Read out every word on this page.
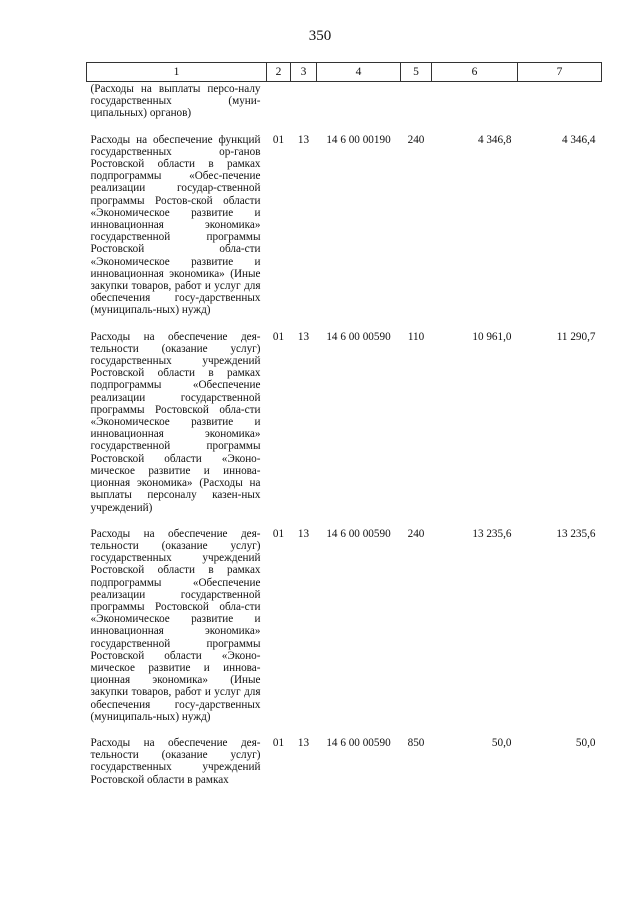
350
1	2	3	4	5	6	7
(Расходы на выплаты персо-налу государственных (муни-ципальных) органов)						
Расходы на обеспечение функций государственных ор-ганов Ростовской области в рамках подпрограммы «Обес-печение реализации государ-ственной программы Ростов-ской области «Экономическое развитие и инновационная экономика» государственной программы Ростовской обла-сти «Экономическое развитие и инновационная экономика» (Иные закупки товаров, работ и услуг для обеспечения госу-дарственных (муниципаль-ных) нужд)	01	13	14 6 00 00190	240	4 346,8	4 346,4
Расходы на обеспечение дея-тельности (оказание услуг) государственных учреждений Ростовской области в рамках подпрограммы «Обеспечение реализации государственной программы Ростовской обла-сти «Экономическое развитие и инновационная экономика» государственной программы Ростовской области «Эконо-мическое развитие и иннова-ционная экономика» (Расходы на выплаты персоналу казен-ных учреждений)	01	13	14 6 00 00590	110	10 961,0	11 290,7
Расходы на обеспечение дея-тельности (оказание услуг) государственных учреждений Ростовской области в рамках подпрограммы «Обеспечение реализации государственной программы Ростовской обла-сти «Экономическое развитие и инновационная экономика» государственной программы Ростовской области «Эконо-мическое развитие и иннова-ционная экономика» (Иные закупки товаров, работ и услуг для обеспечения госу-дарственных (муниципаль-ных) нужд)	01	13	14 6 00 00590	240	13 235,6	13 235,6
Расходы на обеспечение дея-тельности (оказание услуг) государственных учреждений Ростовской области в рамках	01	13	14 6 00 00590	850	50,0	50,0
